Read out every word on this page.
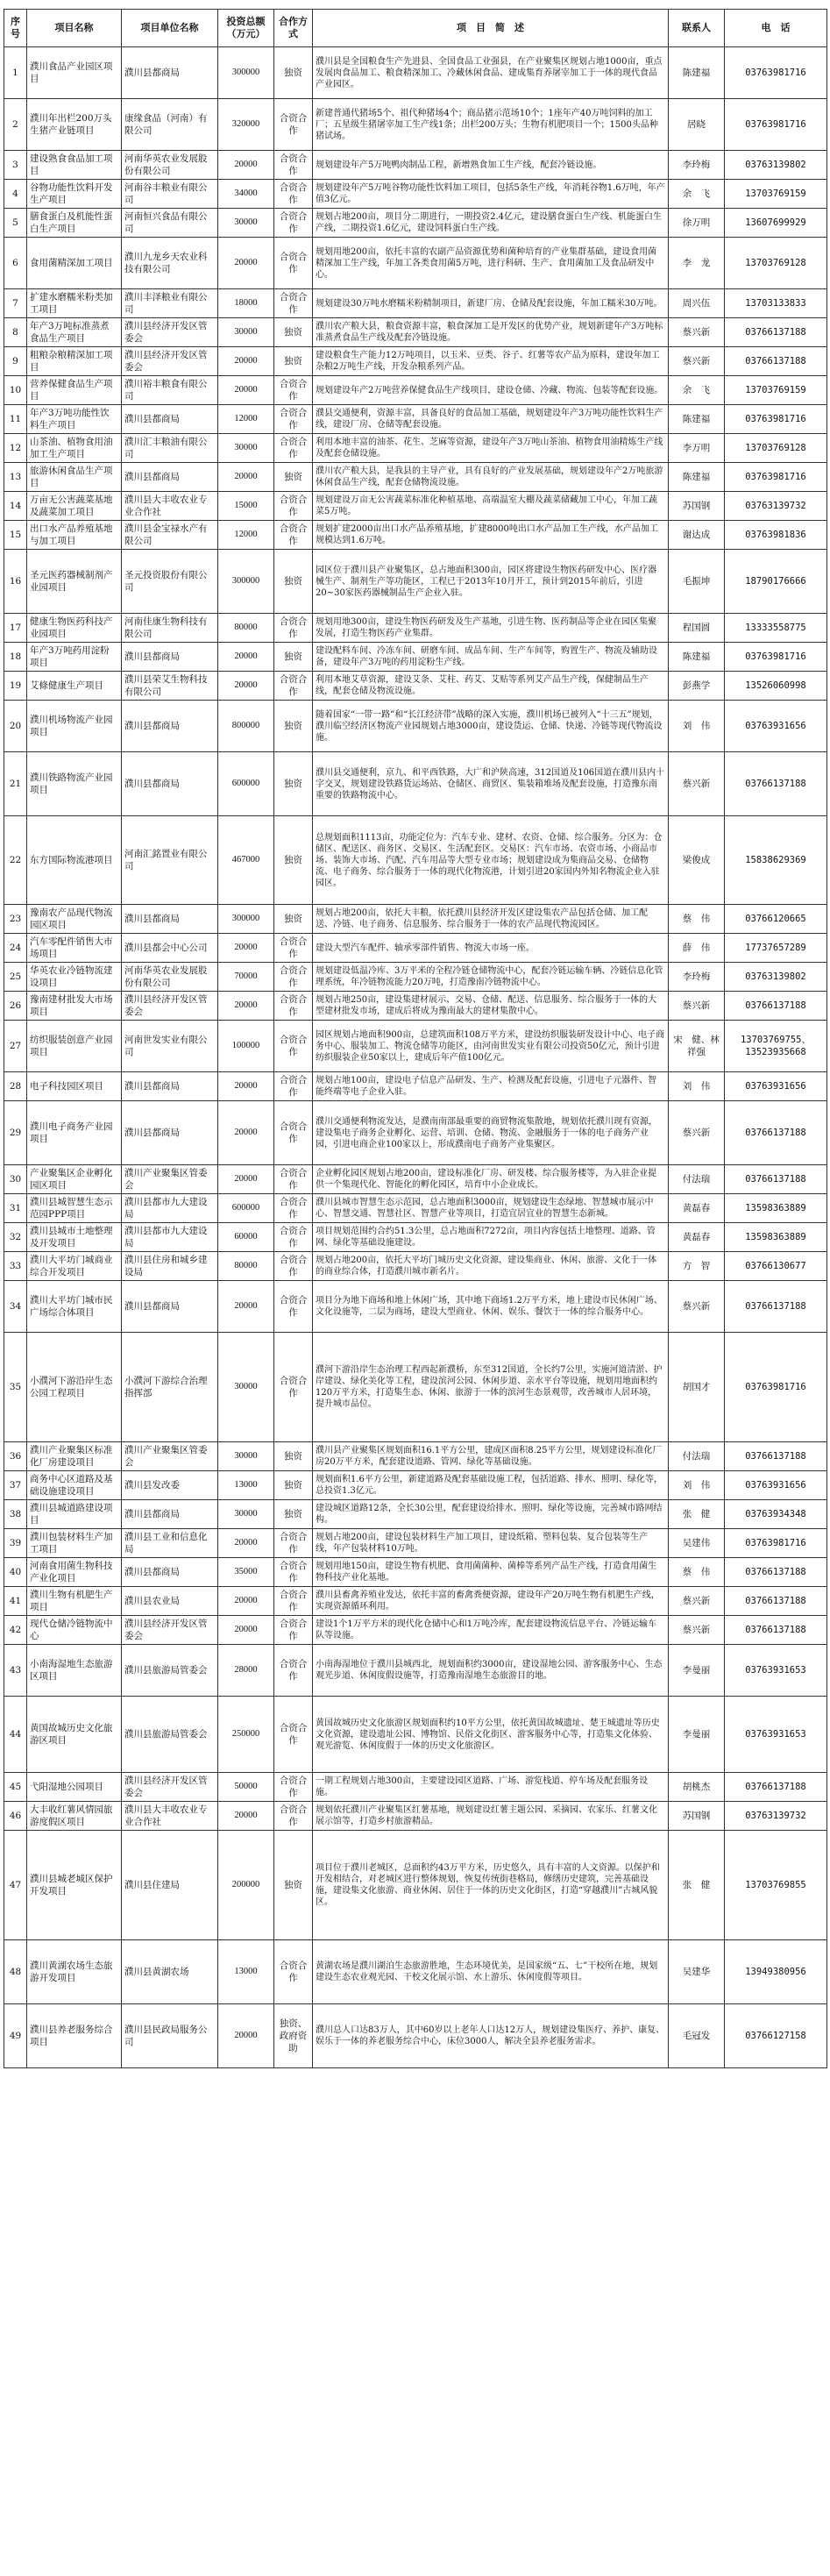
序号	项目名称	项目单位名称	投资总额（万元）	合作方式	项　目　简　述	联系人	电　话
1	濮川食品产业园区项目	濮川县都商局	300000	独资	濮川县是全国粮食生产先进县、全国食品工业强县，在产业聚集区规划占地1000亩，重点发展肉食品加工、粮食精深加工、冷藏休闲食品、建成集育养屠宰加工于一体的现代食品产业园区。	陈建福	03763981716
2	濮川年出栏200万头生猪产业链项目	康缘食品（河南）有限公司	320000	合资合作	新建普通代猪场5个、祖代种猪场4个；商品猪示范场10个；1座年产40万吨饲料的加工厂；五星级生猪屠宰加工生产线1条；出栏200万头；生物有机肥项目一个；1500头品种猪试场。	居晓	03763981716
3	建设熟食食品加工项目	河南华英农业发展股份有限公司	20000	合资合作	规划建设年产5万吨鸭肉制品工程，新增熟食加工生产线，配套冷链设施。	李玲梅	03763139802
4	谷物功能性饮料开发生产项目	河南谷丰粮业有限公司	34000	合资合作	规划建设年产5万吨谷物功能性饮料加工项目，包括5条生产线，年消耗谷物1.6万吨，年产值3亿元。	余　飞	13703769159
5	膳食蛋白及机能性蛋白生产项目	河南恒兴食品有限公司	30000	合资合作	规划占地200亩，项目分二期进行，一期投资2.4亿元，建设膳食蛋白生产线、机能蛋白生产线，二期投资1.6亿元，建设饲料蛋白生产线。	徐万明	13607699929
6	食用菌精深加工项目	濮川九龙乡天农业科技有限公司	20000	合资合作	规划用地200亩，依托丰富的农副产品资源优势和菌种培育的产业集群基础，建设食用菌精深加工生产线，年加工各类食用菌5万吨，进行科研、生产、食用菌加工及食品研发中心。	李　龙	13703769128
7	扩建水磨糯米粉类加工项目	濮川丰泽粮业有限公司	18000	合资合作	规划建设30万吨水磨糯米粉精制项目，新建厂房、仓储及配套设施，年加工糯米30万吨。	周兴伍	13703133833
8	年产3万吨标准蒸煮食品生产项目	濮川县经济开发区管委会	30000	独资	濮川农产粮大县，粮食资源丰富，粮食深加工是开发区的优势产业，规划新建年产3万吨标准蒸煮食品生产线及配套冷链设施。	蔡兴新	03766137188
9	粗粮杂粮精深加工项目	濮川县经济开发区管委会	20000	独资	建设粮食生产能力12万吨项目，以玉米、豆类、谷子、红薯等农产品为原料，建设年加工杂粮2万吨生产线，开发杂粮系列产品。	蔡兴新	03766137188
10	营养保健食品生产项目	濮川裕丰粮食有限公司	20000	合资合作	规划建设年产2万吨营养保健食品生产线项目，建设仓储、冷藏、物流、包装等配套设施。	余　飞	13703769159
11	年产3万吨功能性饮料生产项目	濮川县都商局	12000	合资合作	濮县交通便利，资源丰富，具备良好的食品加工基础，规划建设年产3万吨功能性饮料生产线，建设厂房、仓储等配套设施。	陈建福	03763981716
12	山茶油、植物食用油加工生产项目	濮川汇丰粮油有限公司	30000	合资合作	利用本地丰富的油茶、花生、芝麻等资源，建设年产3万吨山茶油、植物食用油精炼生产线及配套仓储设施。	李万明	13703769128
13	旅游休闲食品生产项目	濮川县都商局	20000	独资	濮川农产粮大县，是我县的主导产业，具有良好的产业发展基础，规划建设年产2万吨旅游休闲食品生产线，配套仓储物流设施。	陈建福	03763981716
14	万亩无公害蔬菜基地及蔬菜加工项目	濮川县大丰收农业专业合作社	15000	合资合作	规划建设万亩无公害蔬菜标准化种植基地、高端温室大棚及蔬菜储藏加工中心，年加工蔬菜5万吨。	苏国钢	03763139732
15	出口水产品养殖基地与加工项目	濮川县金宝禄水产有限公司	12000	合资合作	规划扩建2000亩出口水产品养殖基地，扩建8000吨出口水产品加工生产线，水产品加工规模达到1.6万吨。	谢达成	03763981836
16	圣元医药器械制剂产业园项目	圣元投资股份有限公司	300000	独资	园区位于濮川县产业聚集区，总占地面积300亩，园区将建设生物医药研发中心、医疗器械生产、制剂生产等功能区，工程已于2013年10月开工，预计到2015年前后，引进20~30家医药器械制品生产企业入驻。	毛振坤	18790176666
17	健康生物医药科技产业园项目	河南佳康生物科技有限公司	80000	合资合作	规划用地300亩，建设生物医药研发及生产基地，引进生物、医药制品等企业在园区集聚发展，打造生物医药产业集群。	程国圆	13333558775
18	年产3万吨药用淀粉项目	濮川县都商局	20000	独资	建设配料车间、冷冻车间、研磨车间、成品车间、生产车间等，购置生产、物流及辅助设备，建设年产3万吨的药用淀粉生产线。	陈建福	03763981716
19	艾條健康生产项目	濮川县荣艾生物科技有限公司	20000	合资合作	利用本地艾草资源，建设艾条、艾柱、药艾、艾贴等系列艾产品生产线，保健制品生产线，配套仓储及物流设施。	彭燕学	13526060998
20	濮川机场物流产业园项目	濮川县都商局	800000	独资	随着国家“一带一路”和“长江经济带”战略的深入实施，濮川机场已被列入“十三五”规划，濮川临空经济区物流产业园规划占地3000亩，建设货运、仓储、快递、冷链等现代物流设施。	刘　伟	03763931656
21	濮川铁路物流产业园项目	濮川县都商局	600000	独资	濮川县交通便利，京九、和平西铁路，大广和沪陕高速，312国道及106国道在濮川县内十字交叉，规划建设铁路货运场站、仓储区、商贸区、集装箱堆场及配套设施，打造豫东南重要的铁路物流中心。	蔡兴新	03766137188
22	东方国际物流港项目	河南汇銘置业有限公司	467000	独资	总规划面积1113亩，功能定位为：汽车专业、建材、农资、仓储、综合服务。分区为：仓储区、配送区、商务区、交易区、生活配套区。交易区：汽车市场、农资市场、小商品市场、装饰大市场、汽配、汽车用品等大型专业市场；规划建设成为集商品交易、仓储物流、电子商务、综合服务于一体的现代化物流港，计划引进20家国内外知名物流企业入驻园区。	梁俊成	15838629369
23	豫南农产品现代物流园区项目	濮川县都商局	300000	独资	规划占地200亩，依托大丰粮，依托濮川县经济开发区建设集农产品包括仓储、加工配送、冷链、电子商务、信息服务、综合服务于一体的农产品现代物流园区。	蔡　伟	03766120665
24	汽车零配件销售大市场项目	濮川县都会中心公司	20000	合资合作	建设大型汽车配件、轴承零部件销售、物流大市场一座。	薛　伟	17737657289
25	华英农业冷链物流建设项目	河南华英农业发展股份有限公司	70000	合资合作	规划建设低温冷库、3万平米的全程冷链仓储物流中心，配套冷链运输车辆、冷链信息化管理系统，年冷链物流能力20万吨，打造豫南冷链物流中心。	李玲梅	03763139802
26	豫南建材批发大市场项目	濮川县经济开发区管委会	20000	合资合作	规划占地250亩，建设集建材展示、交易、仓储、配送、信息服务、综合服务于一体的大型建材批发市场，建成后将成为豫南最大的建材集散中心。	蔡兴新	03766137188
27	纺织服装创意产业园项目	河南世发实业有限公司	100000	合资合作	园区规划占地面积900亩，总建筑面积108万平方米，建设纺织服装研发设计中心、电子商务中心、服装加工、物流仓储等功能区，由河南世发实业有限公司投资50亿元，预计引进纺织服装企业50家以上，建成后年产值100亿元。	宋　健、林祥强	13703769755、13523935668
28	电子科技园区项目	濮川县都商局	20000	合资合作	规划占地100亩，建设电子信息产品研发、生产、检测及配套设施，引进电子元器件、智能终端等电子企业入驻。	刘　伟	03763931656
29	濮川电子商务产业园项目	濮川县都商局	20000	合资合作	濮川交通便利物流发达，是濮南南部最重要的商贸物流集散地，规划依托濮川现有资源，建设集电子商务企业孵化、运营、培训、仓储、物流、金融服务于一体的电子商务产业园，引进电商企业100家以上，形成濮南电子商务产业集聚区。	蔡兴新	03766137188
30	产业聚集区企业孵化园区项目	濮川产业聚集区管委会	20000	合资合作	企业孵化园区规划占地200亩，建设标准化厂房、研发楼、综合服务楼等，为入驻企业提供一个集现代化、智能化的孵化园区，培育中小企业成长。	付法瑞	03766137188
31	濮川县城智慧生态示范园PPP项目	濮川县都市九大建设局	600000	合资合作	濮川县城市智慧生态示范园，总占地面积3000亩，规划建设生态绿地、智慧城市展示中心、智慧交通、智慧社区、智慧产业等项目，打造宜居宜业的智慧生态新城。	黄磊春	13598363889
32	濮川县城市土地整理及开发项目	濮川县都市九大建设局	60000	合资合作	项目规划范围约合约51.3公里，总占地面积7272亩，项目内容包括土地整理、道路、管网、绿化等基础设施建设。	黄磊春	13598363889
33	濮川大平坊门城商业综合开发项目	濮川县住房和城乡建设局	80000	合资合作	规划占地200亩，依托大平坊门城历史文化资源，建设集商业、休闲、旅游、文化于一体的商业综合体，打造濮川城市新名片。	方　智	03766130677
34	濮川大平坊门城市民广场综合体项目	濮川县都商局	20000	合资合作	项目分为地下商场和地上休闲广场，其中地下商场1.2万平方米，地上建设市民休闲广场、文化设施等，二层为商场，建设大型商业、休闲、娱乐、餐饮于一体的综合服务中心。	蔡兴新	03766137188
35	小濮河下游沿岸生态公园工程项目	小濮河下游综合治理指挥部	30000	合资合作	濮河下游沿岸生态治理工程西起新濮桥，东至312国道，全长约7公里，实施河道清淤、护岸建设、绿化美化等工程，建设滨河公园、休闲步道、亲水平台等设施，规划用地面积约120万平方米，打造集生态、休闲、旅游于一体的滨河生态景观带，改善城市人居环境，提升城市品位。	胡国才	03763981716
36	濮川产业聚集区标准化厂房建设项目	濮川产业聚集区管委会	30000	独资	濮川县产业聚集区规划面积16.1平方公里，建成区面积8.25平方公里，规划建设标准化厂房20万平方米，配套建设道路、管网、绿化等基础设施。	付法瑞	03766137188
37	商务中心区道路及基础设施建设项目	濮川县发改委	13000	独资	规划面积1.6平方公里，新建道路及配套基础设施工程，包括道路、排水、照明、绿化等，总投资1.3亿元。	刘　伟	03763931656
38	濮川县城道路建设项目	濮川县都商局	30000	独资	建设城区道路12条，全长30公里，配套建设给排水、照明、绿化等设施，完善城市路网结构。	张　健	03763934348
39	濮川包装材料生产加工项目	濮川县工业和信息化局	20000	合资合作	规划占地200亩，建设包装材料生产加工项目，建设纸箱、塑料包装、复合包装等生产线，年产包装材料10万吨。	吴建伟	03763981716
40	河南食用菌生物科技产业化项目	濮川县都商局	35000	合资合作	规划用地150亩，建设生物有机肥、食用菌菌种、菌棒等系列产品生产线，打造食用菌生物科技产业化基地。	蔡　伟	03766137188
41	濮川生物有机肥生产项目	濮川县农业局	20000	合资合作	濮川县畜禽养殖业发达，依托丰富的畜禽粪便资源，建设年产20万吨生物有机肥生产线，实现资源循环利用。	蔡兴新	03766137188
42	现代仓储冷链物流中心	濮川县经济开发区管委会	20000	合资合作	建设1个1万平方米的现代化仓储中心和1万吨冷库，配套建设物流信息平台、冷链运输车队等设施。	蔡兴新	03766137188
43	小南海湿地生态旅游区项目	濮川县旅游局管委会	28000	合资合作	小南海湿地位于濮川县城西北，规划面积约3000亩，建设湿地公园、游客服务中心、生态观光步道、休闲度假设施等，打造豫南湿地生态旅游目的地。	李曼丽	03763931653
44	黄国故城历史文化旅游区项目	濮川县旅游局管委会	250000	合资合作	黄国故城历史文化旅游区规划面积约10平方公里，依托黄国故城遗址、楚王城遗址等历史文化资源，建设遗址公园、博物馆、民俗文化街区、游客服务中心等，打造集文化体验、观光游览、休闲度假于一体的历史文化旅游区。	李曼丽	03763931653
45	弋阳湿地公园项目	濮川县经济开发区管委会	50000	合资合作	一期工程规划占地300亩，主要建设园区道路、广场、游览栈道、停车场及配套服务设施。	胡桃杰	03766137188
46	大丰收红薯风情园旅游度假区项目	濮川县大丰收农业专业合作社	20000	合资合作	规划依托濮川产业聚集区红薯基地，规划建设红薯主题公园、采摘园、农家乐、红薯文化展示馆等，打造乡村旅游精品。	苏国钢	03763139732
47	濮川县城老城区保护开发项目	濮川县住建局	200000	独资	项目位于濮川老城区，总面积约43万平方米，历史悠久，具有丰富的人文资源。以保护和开发相结合，对老城区进行整体规划，恢复传统街巷格局，修缮历史建筑，完善基础设施，建设集文化旅游、商业休闲、居住于一体的历史文化街区，打造“穿越濮川”古城风貌区。	张　健	13703769855
48	濮川黄湖农场生态旅游开发项目	濮川县黄湖农场	13000	合资合作	黄湖农场是濮川湖泊生态旅游胜地，生态环境优美，是国家级“五、七”干校所在地，规划建设生态农业观光园、干校文化展示馆、水上游乐、休闲度假等项目。	吴建华	13949380956
49	濮川县养老服务综合项目	濮川县民政局服务公司	20000	独资、政府资助	濮川总人口达83万人，其中60岁以上老年人口达12万人，规划建设集医疗、养护、康复、娱乐于一体的养老服务综合中心，床位3000人，解决全县养老服务需求。	毛冠发	03766127158
